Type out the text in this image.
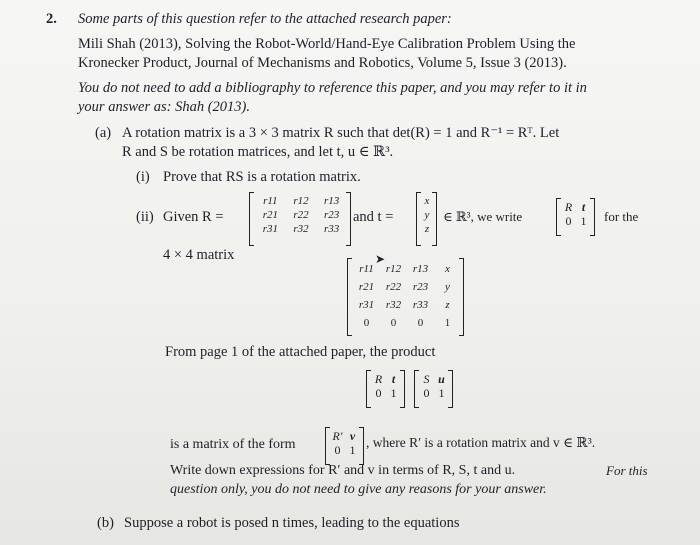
2. Some parts of this question refer to the attached research paper:
Mili Shah (2013), Solving the Robot-World/Hand-Eye Calibration Problem Using the
Kronecker Product, Journal of Mechanisms and Robotics, Volume 5, Issue 3 (2013).
You do not need to add a bibliography to reference this paper, and you may refer to it in
your answer as: Shah (2013).
(a) A rotation matrix is a 3 × 3 matrix R such that det(R) = 1 and R⁻¹ = Rᵀ. Let
R and S be rotation matrices, and let t, u ∈ ℝ³.
(i) Prove that RS is a rotation matrix.
(ii) Given R =
r11	r12	r13
r21	r22	r23
r31	r32	r33
and t =
x
y
z
∈ ℝ³, we write
R t
0 1	for the
4 × 4 matrix	➤
r11	r12	r13	x
r21	r22	r23	y
r31	r32	r33	z
0	0	0	1
From page 1 of the attached paper, the product
R t
0 1
S u
0 1
is a matrix of the form
R′ v
0 1 , where R′ is a rotation matrix and v ∈ ℝ³.
Write down expressions for R′ and v in terms of R, S, t and u.	For this
question only, you do not need to give any reasons for your answer.
(b) Suppose a robot is posed n times, leading to the equations
